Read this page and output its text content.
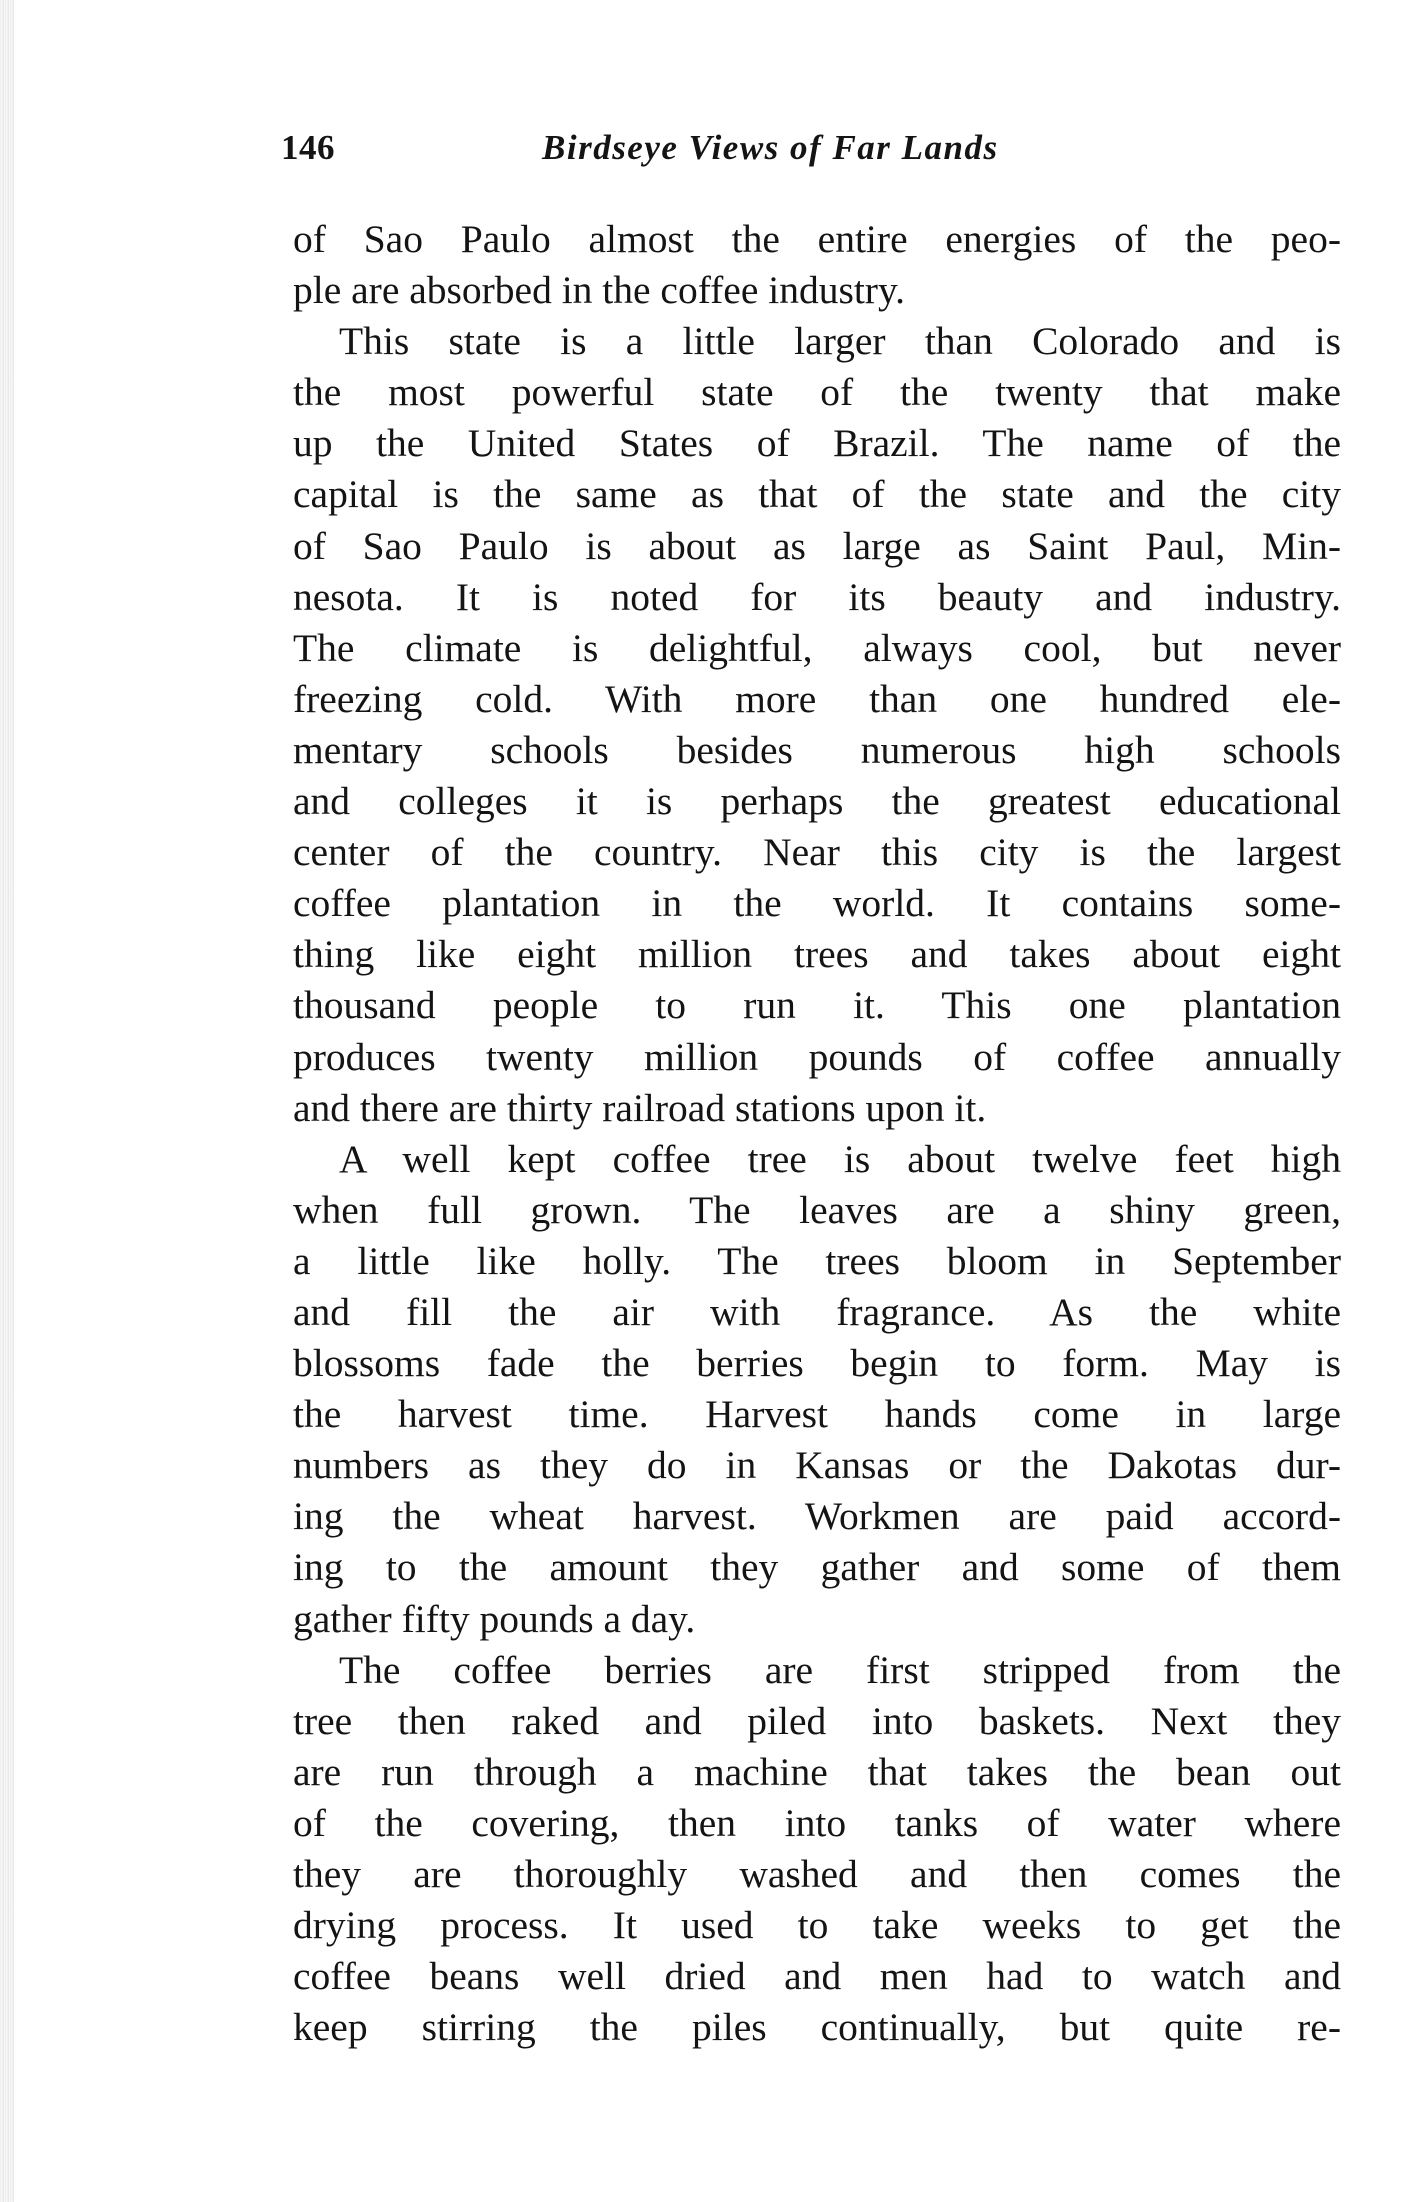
146	Birdseye Views of Far Lands
of Sao Paulo almost the entire energies of the peo-
ple are absorbed in the coffee industry.
This state is a little larger than Colorado and is
the most powerful state of the twenty that make
up the United States of Brazil. The name of the
capital is the same as that of the state and the city
of Sao Paulo is about as large as Saint Paul, Min-
nesota. It is noted for its beauty and industry.
The climate is delightful, always cool, but never
freezing cold. With more than one hundred ele-
mentary schools besides numerous high schools
and colleges it is perhaps the greatest educational
center of the country. Near this city is the largest
coffee plantation in the world. It contains some-
thing like eight million trees and takes about eight
thousand people to run it. This one plantation
produces twenty million pounds of coffee annually
and there are thirty railroad stations upon it.
A well kept coffee tree is about twelve feet high
when full grown. The leaves are a shiny green,
a little like holly. The trees bloom in September
and fill the air with fragrance. As the white
blossoms fade the berries begin to form. May is
the harvest time. Harvest hands come in large
numbers as they do in Kansas or the Dakotas dur-
ing the wheat harvest. Workmen are paid accord-
ing to the amount they gather and some of them
gather fifty pounds a day.
The coffee berries are first stripped from the
tree then raked and piled into baskets. Next they
are run through a machine that takes the bean out
of the covering, then into tanks of water where
they are thoroughly washed and then comes the
drying process. It used to take weeks to get the
coffee beans well dried and men had to watch and
keep stirring the piles continually, but quite re-
